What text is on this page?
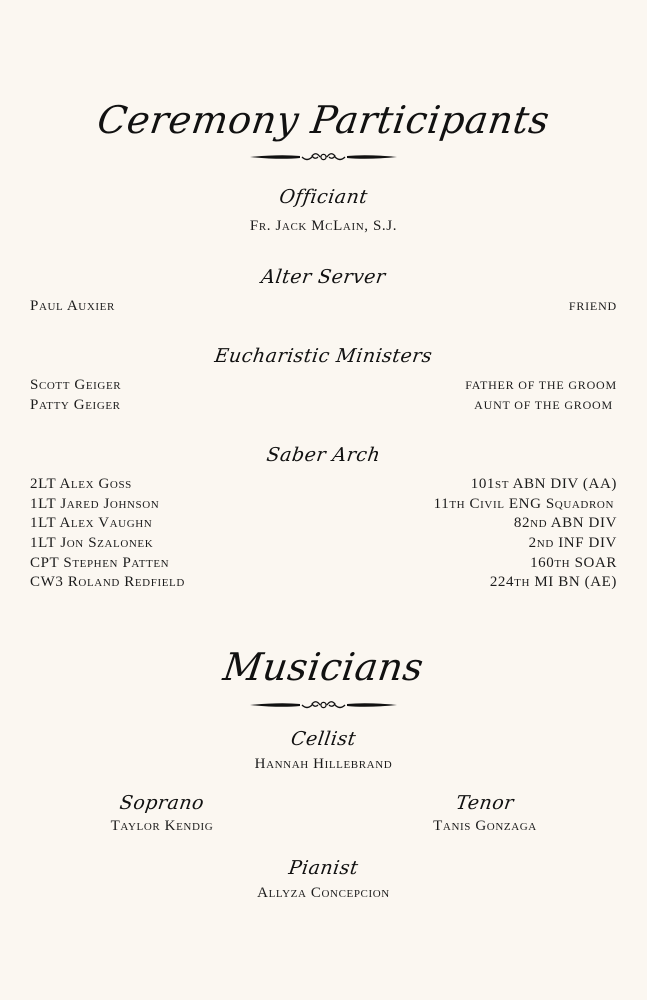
Ceremony Participants
Officiant
Fr. Jack McLain, S.J.
Alter Server
Paul Auxier	FRIEND
Eucharistic Ministers
Scott Geiger	FATHER OF THE GROOM
Patty Geiger	AUNT OF THE GROOM
Saber Arch
2LT Alex Goss	101st ABN DIV (AA)
1LT Jared Johnson	11th Civil ENG Squadron
1LT Alex Vaughn	82nd ABN DIV
1LT Jon Szalonek	2nd INF DIV
CPT Stephen Patten	160th SOAR
CW3 Roland Redfield	224th MI BN (AE)
Musicians
Cellist
Hannah Hillebrand
Soprano
Taylor Kendig
Tenor
Tanis Gonzaga
Pianist
Allyza Concepcion
